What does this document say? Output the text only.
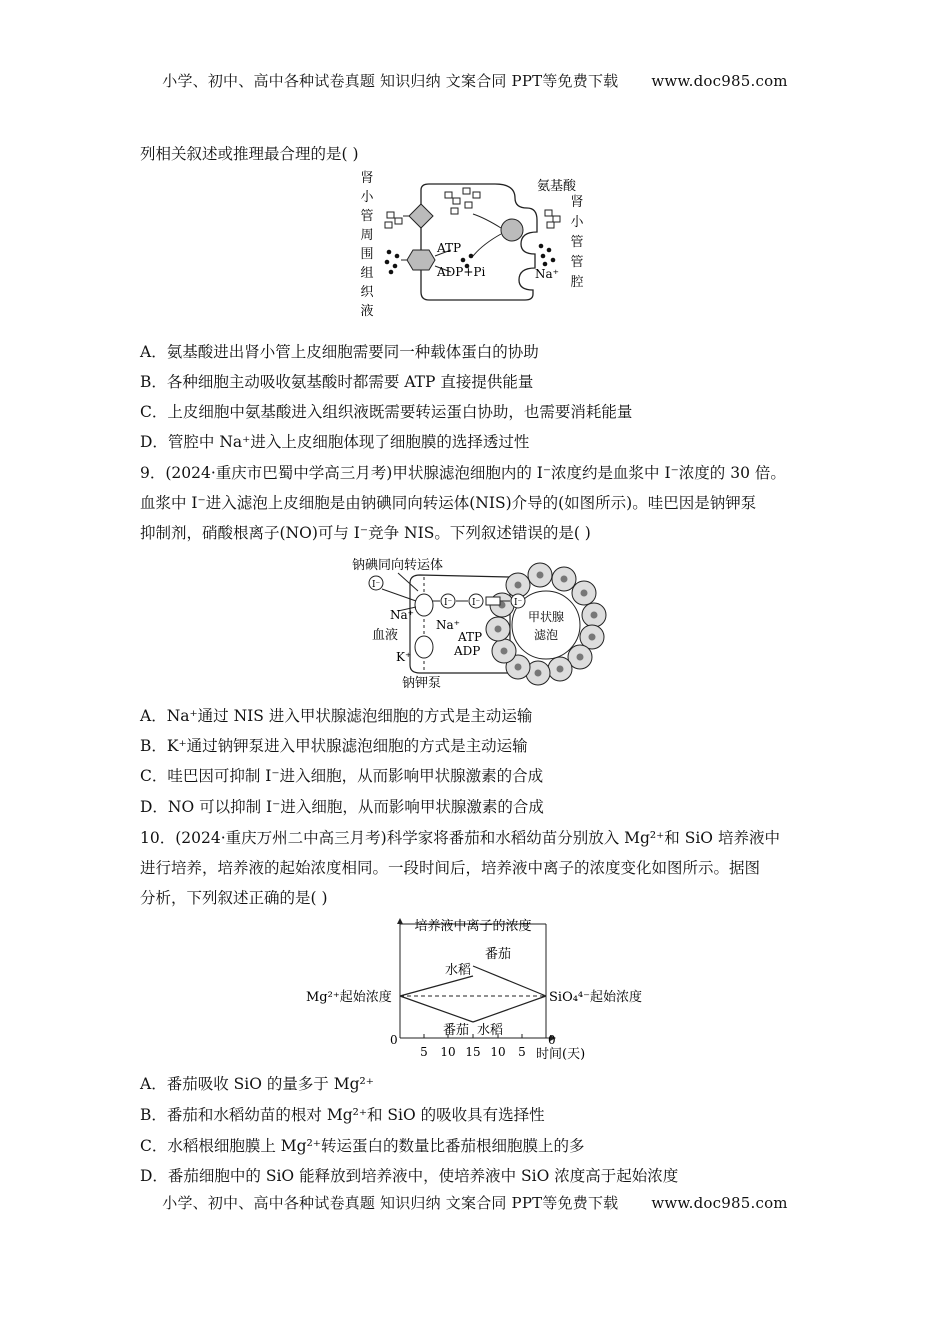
小学、初中、高中各种试卷真题 知识归纳 文案合同 PPT等免费下载 www.doc985.com
列相关叙述或推理最合理的是( )
肾
小
管
周
围
组
织
液
肾
小
管
管
腔
氨基酸
ATP
ADP+Pi	Na⁺
A．氨基酸进出肾小管上皮细胞需要同一种载体蛋白的协助
B．各种细胞主动吸收氨基酸时都需要 ATP 直接提供能量
C．上皮细胞中氨基酸进入组织液既需要转运蛋白协助，也需要消耗能量
D．管腔中 Na⁺进入上皮细胞体现了细胞膜的选择透过性
9．(2024·重庆市巴蜀中学高三月考)甲状腺滤泡细胞内的 I⁻浓度约是血浆中 I⁻浓度的 30 倍。
血浆中 I⁻进入滤泡上皮细胞是由钠碘同向转运体(NIS)介导的(如图所示)。哇巴因是钠钾泵
抑制剂，硝酸根离子(NO)可与 I⁻竞争 NIS。下列叙述错误的是( )
钠碘同向转运体
甲状腺
滤泡
I⁻
I⁻ I⁻	I⁻
Na⁺
血液
Na⁺
ATP
ADP
K⁺
钠钾泵
A．Na⁺通过 NIS 进入甲状腺滤泡细胞的方式是主动运输
B．K⁺通过钠钾泵进入甲状腺滤泡细胞的方式是主动运输
C．哇巴因可抑制 I⁻进入细胞，从而影响甲状腺激素的合成
D．NO 可以抑制 I⁻进入细胞，从而影响甲状腺激素的合成
10．(2024·重庆万州二中高三月考)科学家将番茄和水稻幼苗分别放入 Mg²⁺和 SiO 培养液中
进行培养，培养液的起始浓度相同。一段时间后，培养液中离子的浓度变化如图所示。据图
分析，下列叙述正确的是( )
培养液中离子的浓度
Mg²⁺起始浓度	SiO₄⁴⁻起始浓度
0	0
5 10 15 10 5 时间(天)
水稻
番茄
番茄 水稻
A．番茄吸收 SiO 的量多于 Mg²⁺
B．番茄和水稻幼苗的根对 Mg²⁺和 SiO 的吸收具有选择性
C．水稻根细胞膜上 Mg²⁺转运蛋白的数量比番茄根细胞膜上的多
D．番茄细胞中的 SiO 能释放到培养液中，使培养液中 SiO 浓度高于起始浓度
小学、初中、高中各种试卷真题 知识归纳 文案合同 PPT等免费下载 www.doc985.com
